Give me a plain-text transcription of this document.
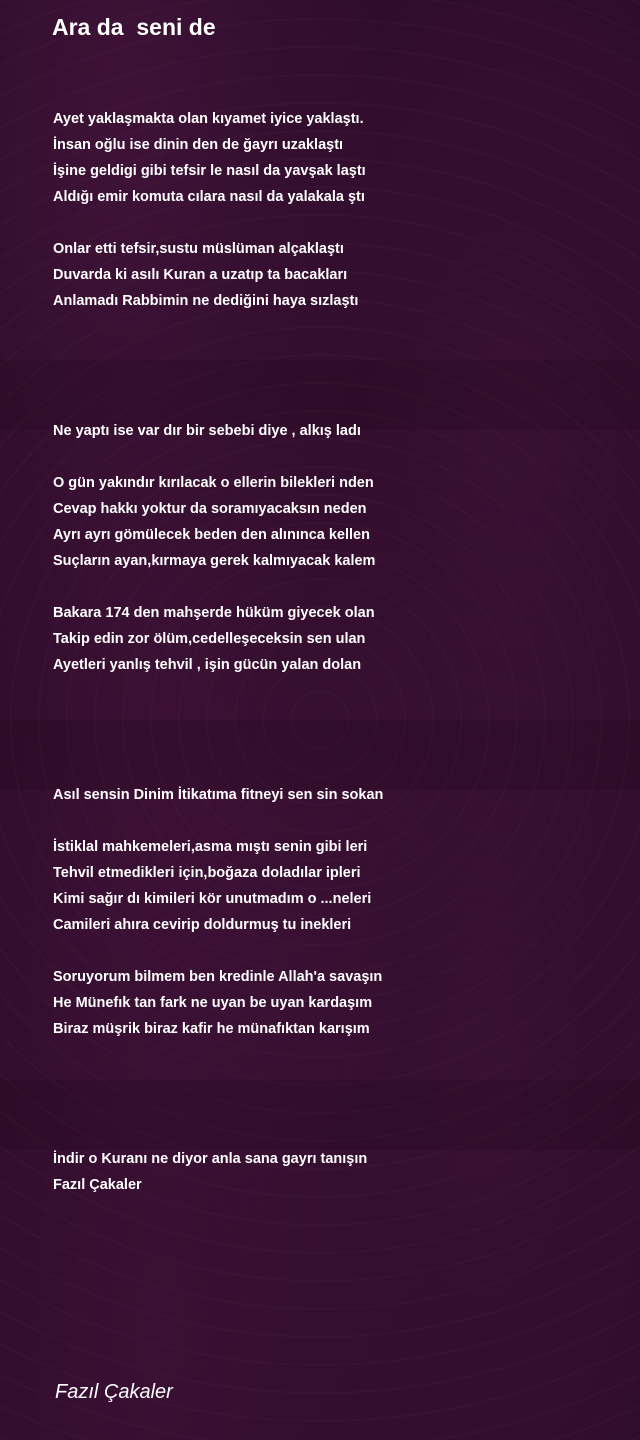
Ara da  seni de
Ayet yaklaşmakta olan kıyamet iyice yaklaştı.
İnsan oğlu ise dinin den de ğayrı uzaklaştı
İşine geldigi gibi tefsir le nasıl da yavşak laştı
Aldığı emir komuta cılara nasıl da yalakala ştı
Onlar etti tefsir,sustu müslüman alçaklaştı
Duvarda ki asılı Kuran a uzatıp ta bacakları
Anlamadı Rabbimin ne dediğini haya sızlaştı
Ne yaptı ise var dır bir sebebi diye , alkış ladı
O gün yakındır kırılacak o ellerin bilekleri nden
Cevap hakkı yoktur da soramıyacaksın neden
Ayrı ayrı gömülecek beden den alınınca kellen
Suçların ayan,kırmaya gerek kalmıyacak kalem
Bakara 174 den mahşerde hüküm giyecek olan
Takip edin zor ölüm,cedelleşeceksin sen ulan
Ayetleri yanlış tehvil , işin gücün yalan dolan
Asıl sensin Dinim İtikatıma fitneyi sen sin sokan
İstiklal mahkemeleri,asma mıştı senin gibi leri
Tehvil etmedikleri için,boğaza doladılar ipleri
Kimi sağır dı kimileri kör unutmadım o ...neleri
Camileri ahıra cevirip doldurmuş tu inekleri
Soruyorum bilmem ben kredinle Allah'a savaşın
He Münefık tan fark ne uyan be uyan kardaşım
Biraz müşrik biraz kafir he münafıktan karışım
İndir o Kuranı ne diyor anla sana gayrı tanışın
Fazıl Çakaler
Fazıl Çakaler
